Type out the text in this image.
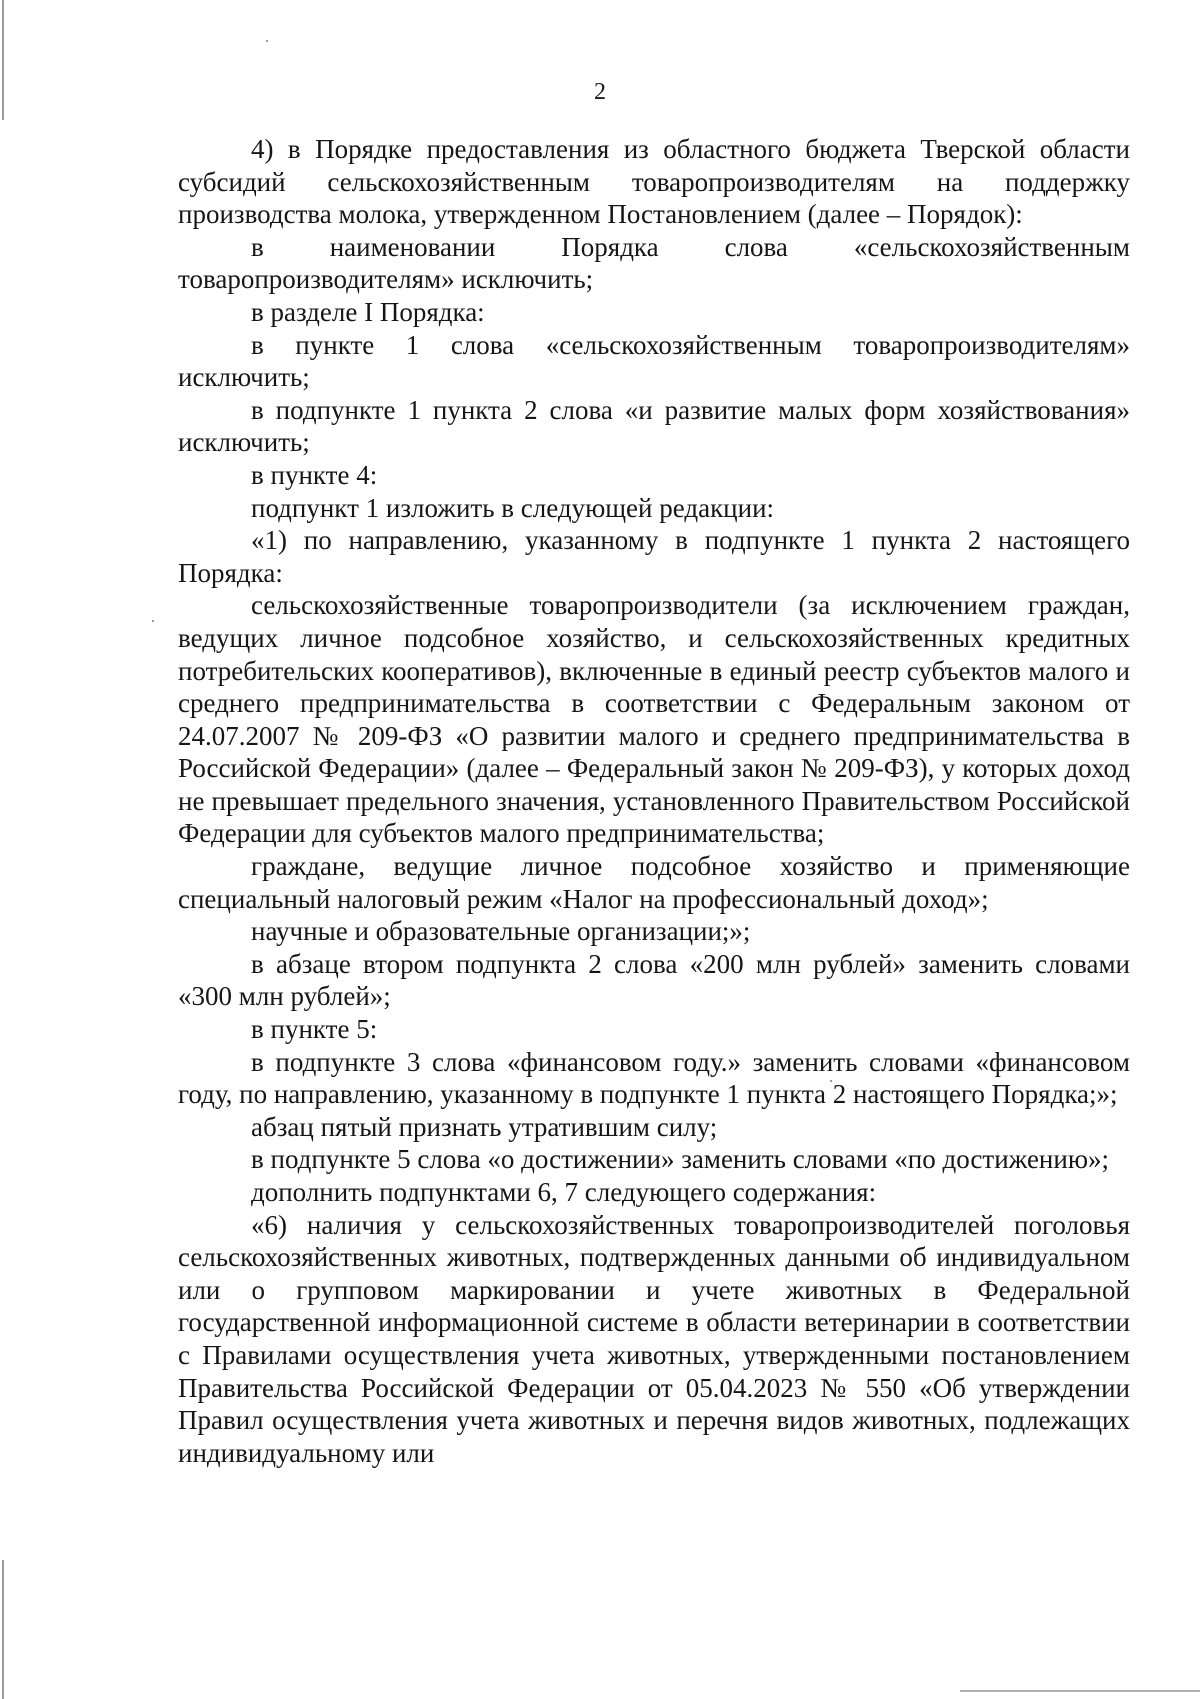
2

4) в Порядке предоставления из областного бюджета Тверской области субсидий сельскохозяйственным товаропроизводителям на поддержку производства молока, утвержденном Постановлением (далее – Порядок):

в наименовании Порядка слова «сельскохозяйственным товаропроизводителям» исключить;

в разделе I Порядка:

в пункте 1 слова «сельскохозяйственным товаропроизводителям» исключить;

в подпункте 1 пункта 2 слова «и развитие малых форм хозяйствования» исключить;

в пункте 4:

подпункт 1 изложить в следующей редакции:

«1) по направлению, указанному в подпункте 1 пункта 2 настоящего Порядка:

сельскохозяйственные товаропроизводители (за исключением граждан, ведущих личное подсобное хозяйство, и сельскохозяйственных кредитных потребительских кооперативов), включенные в единый реестр субъектов малого и среднего предпринимательства в соответствии с Федеральным законом от 24.07.2007 № 209-ФЗ «О развитии малого и среднего предпринимательства в Российской Федерации» (далее – Федеральный закон № 209-ФЗ), у которых доход не превышает предельного значения, установленного Правительством Российской Федерации для субъектов малого предпринимательства;

граждане, ведущие личное подсобное хозяйство и применяющие специальный налоговый режим «Налог на профессиональный доход»;

научные и образовательные организации;»;

в абзаце втором подпункта 2 слова «200 млн рублей» заменить словами «300 млн рублей»;

в пункте 5:

в подпункте 3 слова «финансовом году.» заменить словами «финансовом году, по направлению, указанному в подпункте 1 пункта 2 настоящего Порядка;»;

абзац пятый признать утратившим силу;

в подпункте 5 слова «о достижении» заменить словами «по достижению»;

дополнить подпунктами 6, 7 следующего содержания:

«6) наличия у сельскохозяйственных товаропроизводителей поголовья сельскохозяйственных животных, подтвержденных данными об индивидуальном или о групповом маркировании и учете животных в Федеральной государственной информационной системе в области ветеринарии в соответствии с Правилами осуществления учета животных, утвержденными постановлением Правительства Российской Федерации от 05.04.2023 № 550 «Об утверждении Правил осуществления учета животных и перечня видов животных, подлежащих индивидуальному или
